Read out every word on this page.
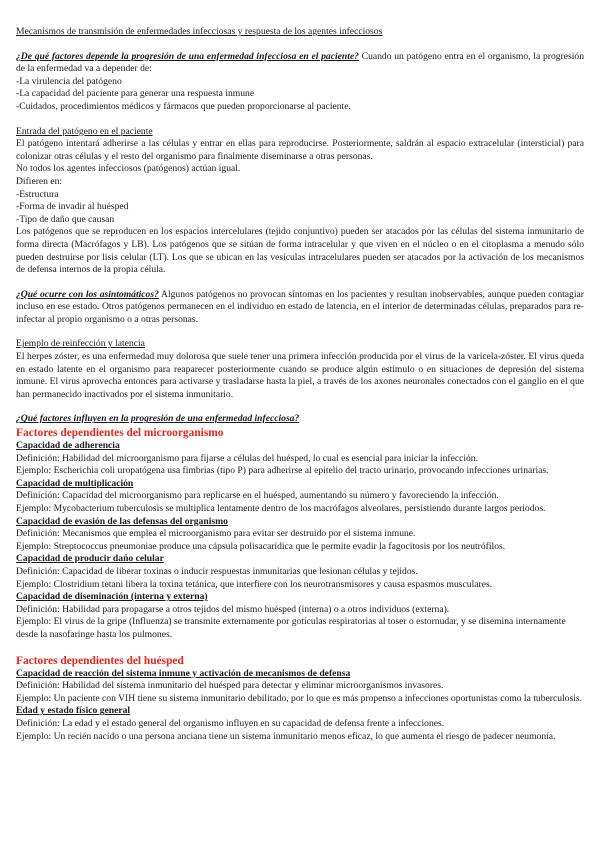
Mecanismos de transmisión de enfermedades infecciosas y respuesta de los agentes infecciosos

¿De qué factores depende la progresión de una enfermedad infecciosa en el paciente? Cuando un patógeno entra en el organismo, la progresión de la enfermedad va a depender de:

-La virulencia del patógeno

-La capacidad del paciente para generar una respuesta inmune

-Cuidados, procedimientos médicos y fármacos que pueden proporcionarse al paciente.

Entrada del patógeno en el paciente

El patógeno intentará adherirse a las células y entrar en ellas para reproducirse. Posteriormente, saldrán al espacio extracelular (intersticial) para colonizar otras células y el resto del organismo para finalmente diseminarse a otras personas.

No todos los agentes infecciosos (patógenos) actúan igual.

Difieren en:

-Estructura

-Forma de invadir al huésped

-Tipo de daño que causan

Los patógenos que se reproducen en los espacios intercelulares (tejido conjuntivo) pueden ser atacados por las células del sistema inmunitario de forma directa (Macrófagos y LB). Los patógenos que se sitúan de forma intracelular y que viven en el núcleo o en el citoplasma a menudo sólo pueden destruirse por lisis celular (LT). Los que se ubican en las vesículas intracelulares pueden ser atacados por la activación de los mecanismos de defensa internos de la propia célula.

¿Qué ocurre con los asintomáticos? Algunos patógenos no provocan síntomas en los pacientes y resultan inobservables, aunque pueden contagiar incluso en ese estado. Otros patógenos permanecen en el individuo en estado de latencia, en el interior de determinadas células, preparados para re-infectar al propio organismo o a otras personas.

Ejemplo de reinfección y latencia

El herpes zóster, es una enfermedad muy dolorosa que suele tener una primera infección producida por el virus de la varicela-zóster. El virus queda en estado latente en el organismo para reaparecer posteriormente cuando se produce algún estímulo o en situaciones de depresión del sistema inmune. El virus aprovecha entonces para activarse y trasladarse hasta la piel, a través de los axones neuronales conectados con el ganglio en el que han permanecido inactivados por el sistema inmunitario.

¿Qué factores influyen en la progresión de una enfermedad infecciosa?

Factores dependientes del microorganismo

Capacidad de adherencia

Definición: Habilidad del microorganismo para fijarse a células del huésped, lo cual es esencial para iniciar la infección.

Ejemplo: Escherichia coli uropatógena usa fimbrias (tipo P) para adherirse al epitelio del tracto urinario, provocando infecciones urinarias.

Capacidad de multiplicación

Definición: Capacidad del microorganismo para replicarse en el huésped, aumentando su número y favoreciendo la infección.

Ejemplo: Mycobacterium tuberculosis se multiplica lentamente dentro de los macrófagos alveolares, persistiendo durante largos periodos.

Capacidad de evasión de las defensas del organismo

Definición: Mecanismos que emplea el microorganismo para evitar ser destruido por el sistema inmune.

Ejemplo: Streptococcus pneumoniae produce una cápsula polisacarídica que le permite evadir la fagocitosis por los neutrófilos.

Capacidad de producir daño celular

Definición: Capacidad de liberar toxinas o inducir respuestas inmunitarias que lesionan células y tejidos.

Ejemplo: Clostridium tetani libera la toxina tetánica, que interfiere con los neurotransmisores y causa espasmos musculares.

Capacidad de diseminación (interna y externa)

Definición: Habilidad para propagarse a otros tejidos del mismo huésped (interna) o a otros individuos (externa).

Ejemplo: El virus de la gripe (Influenza) se transmite externamente por gotículas respiratorias al toser o estornudar, y se disemina internamente desde la nasofaringe hasta los pulmones.

Factores dependientes del huésped

Capacidad de reacción del sistema inmune y activación de mecanismos de defensa

Definición: Habilidad del sistema inmunitario del huésped para detectar y eliminar microorganismos invasores.

Ejemplo: Un paciente con VIH tiene su sistema inmunitario debilitado, por lo que es más propenso a infecciones oportunistas como la tuberculosis.

Edad y estado físico general

Definición: La edad y el estado general del organismo influyen en su capacidad de defensa frente a infecciones.

Ejemplo: Un recién nacido o una persona anciana tiene un sistema inmunitario menos eficaz, lo que aumenta el riesgo de padecer neumonía.
